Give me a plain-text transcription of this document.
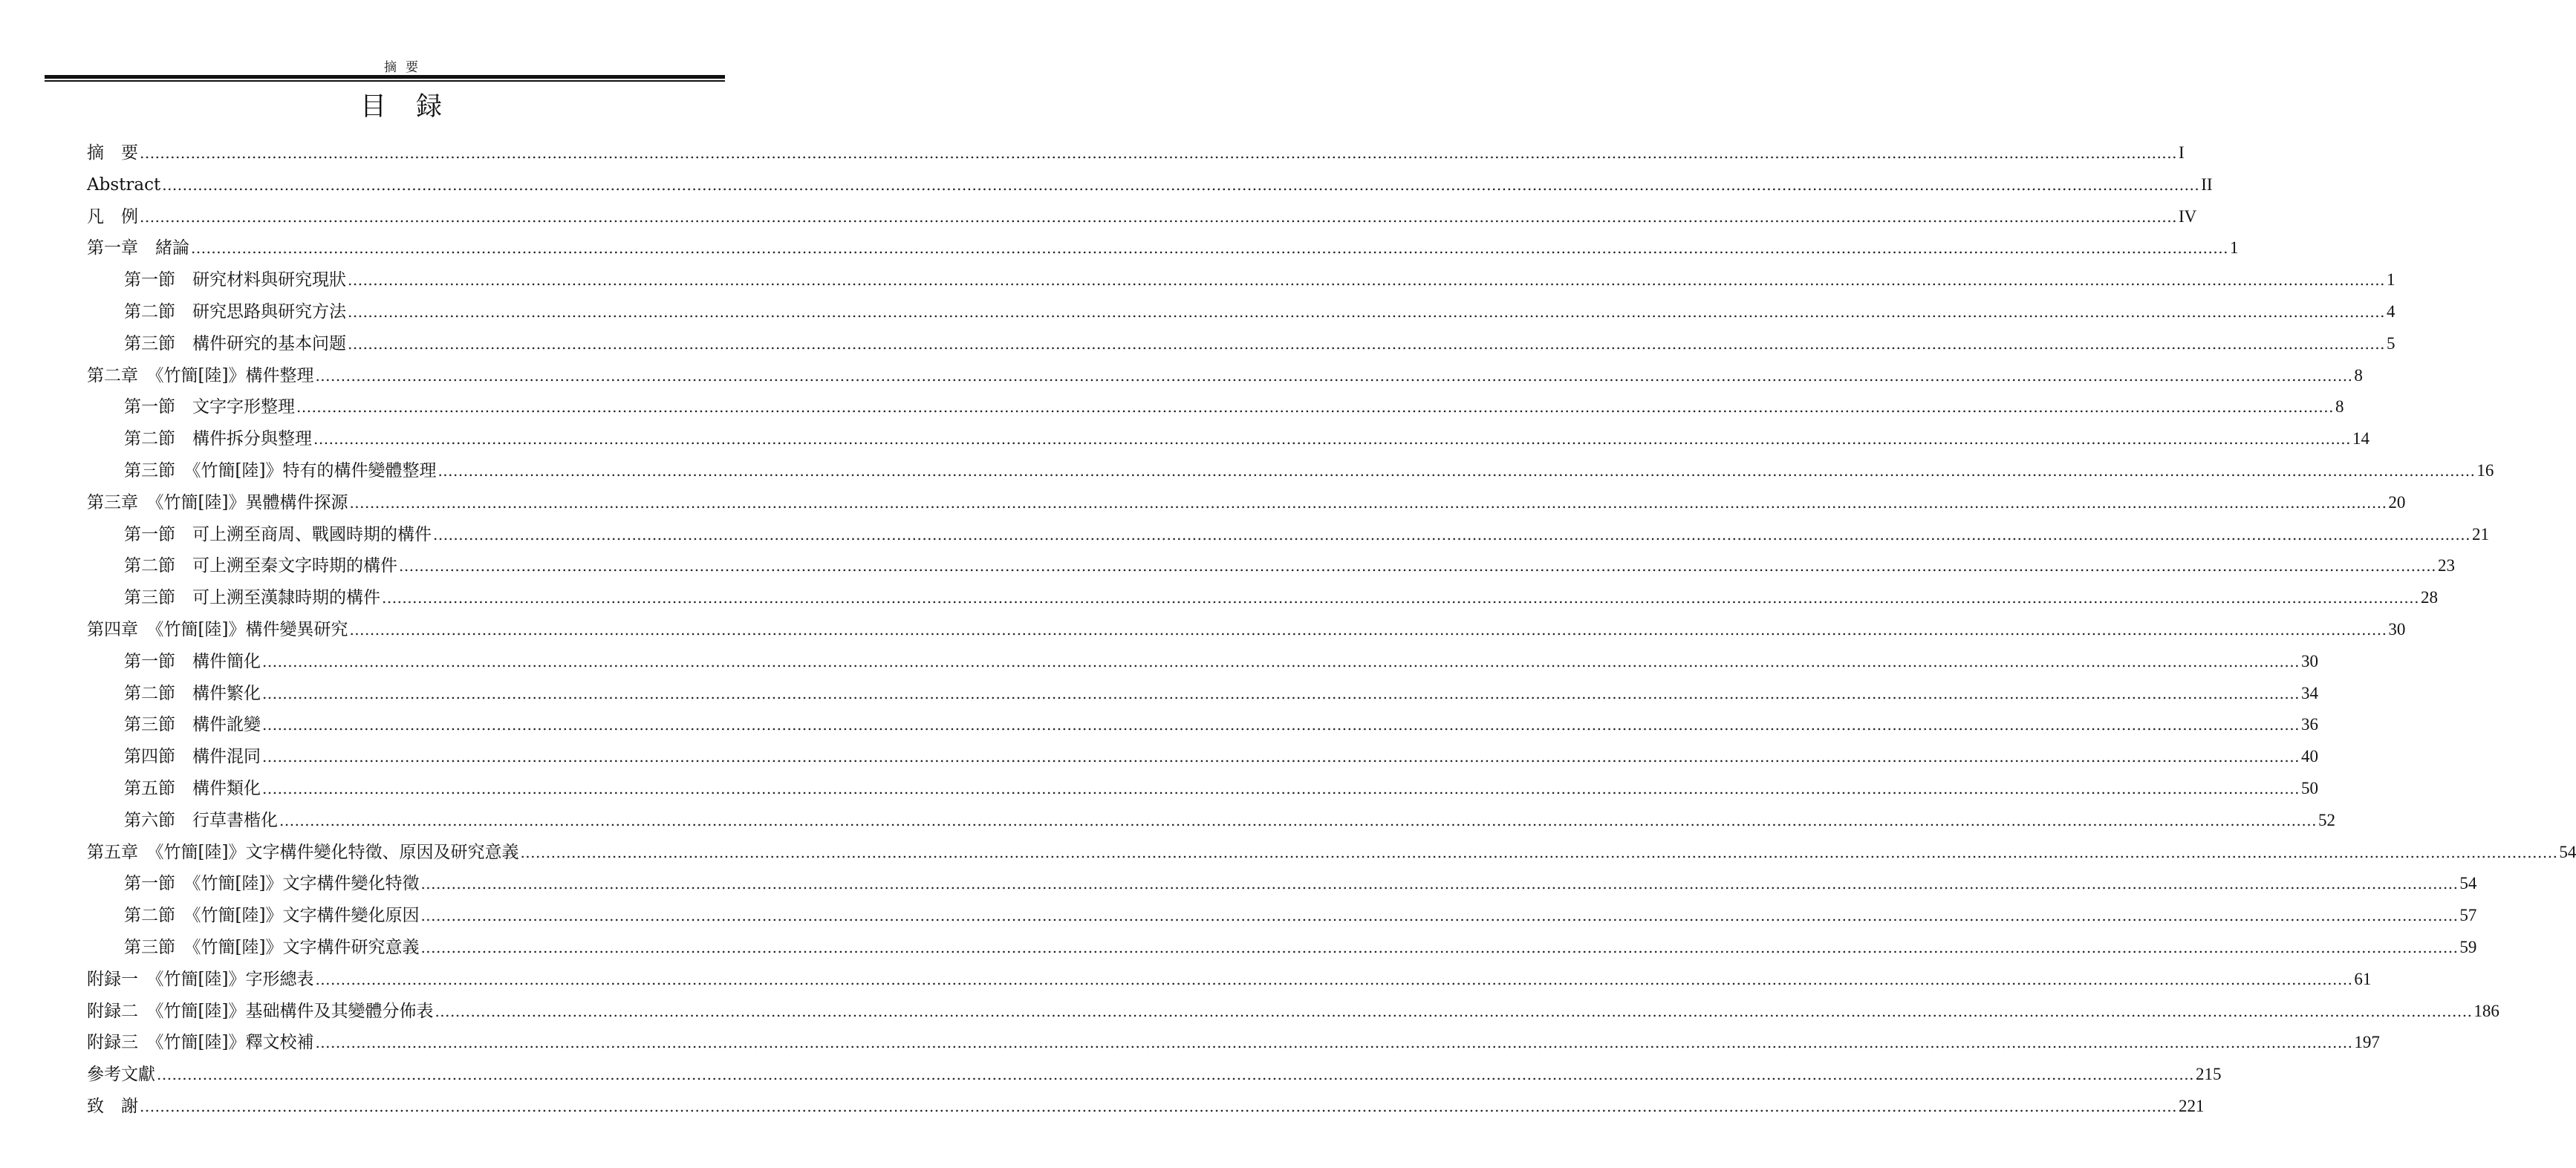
摘要
目録
摘　要 ................................................................................................................................................................................................................................................................................................................................................................................................................ I
Abstract ................................................................................................................................................................................................................................................................................................................................................................................................................ II
凡　例 ................................................................................................................................................................................................................................................................................................................................................................................................................ IV
第一章　緒論 ................................................................................................................................................................................................................................................................................................................................................................................................................ 1
第一節　研究材料與研究現狀 ................................................................................................................................................................................................................................................................................................................................................................................................................ 1
第二節　研究思路與研究方法 ................................................................................................................................................................................................................................................................................................................................................................................................................ 4
第三節　構件研究的基本问题 ................................................................................................................................................................................................................................................................................................................................................................................................................ 5
第二章　《竹簡[陸]》構件整理 ................................................................................................................................................................................................................................................................................................................................................................................................................ 8
第一節　文字字形整理 ................................................................................................................................................................................................................................................................................................................................................................................................................ 8
第二節　構件拆分與整理 ................................................................................................................................................................................................................................................................................................................................................................................................................ 14
第三節　《竹簡[陸]》特有的構件變體整理 ................................................................................................................................................................................................................................................................................................................................................................................................................ 16
第三章　《竹簡[陸]》異體構件探源 ................................................................................................................................................................................................................................................................................................................................................................................................................ 20
第一節　可上溯至商周、戰國時期的構件 ................................................................................................................................................................................................................................................................................................................................................................................................................ 21
第二節　可上溯至秦文字時期的構件 ................................................................................................................................................................................................................................................................................................................................................................................................................ 23
第三節　可上溯至漢隸時期的構件 ................................................................................................................................................................................................................................................................................................................................................................................................................ 28
第四章　《竹簡[陸]》構件變異研究 ................................................................................................................................................................................................................................................................................................................................................................................................................ 30
第一節　構件簡化 ................................................................................................................................................................................................................................................................................................................................................................................................................ 30
第二節　構件繁化 ................................................................................................................................................................................................................................................................................................................................................................................................................ 34
第三節　構件訛變 ................................................................................................................................................................................................................................................................................................................................................................................................................ 36
第四節　構件混同 ................................................................................................................................................................................................................................................................................................................................................................................................................ 40
第五節　構件類化 ................................................................................................................................................................................................................................................................................................................................................................................................................ 50
第六節　行草書楷化 ................................................................................................................................................................................................................................................................................................................................................................................................................ 52
第五章　《竹簡[陸]》文字構件變化特徵、原因及研究意義 ................................................................................................................................................................................................................................................................................................................................................................................................................ 54
第一節　《竹簡[陸]》文字構件變化特徵 ................................................................................................................................................................................................................................................................................................................................................................................................................ 54
第二節　《竹簡[陸]》文字構件變化原因 ................................................................................................................................................................................................................................................................................................................................................................................................................ 57
第三節　《竹簡[陸]》文字構件研究意義 ................................................................................................................................................................................................................................................................................................................................................................................................................ 59
附録一　《竹簡[陸]》字形總表 ................................................................................................................................................................................................................................................................................................................................................................................................................ 61
附録二　《竹簡[陸]》基础構件及其變體分佈表 ................................................................................................................................................................................................................................................................................................................................................................................................................ 186
附録三　《竹簡[陸]》釋文校補 ................................................................................................................................................................................................................................................................................................................................................................................................................ 197
參考文獻 ................................................................................................................................................................................................................................................................................................................................................................................................................ 215
致　謝 ................................................................................................................................................................................................................................................................................................................................................................................................................ 221
